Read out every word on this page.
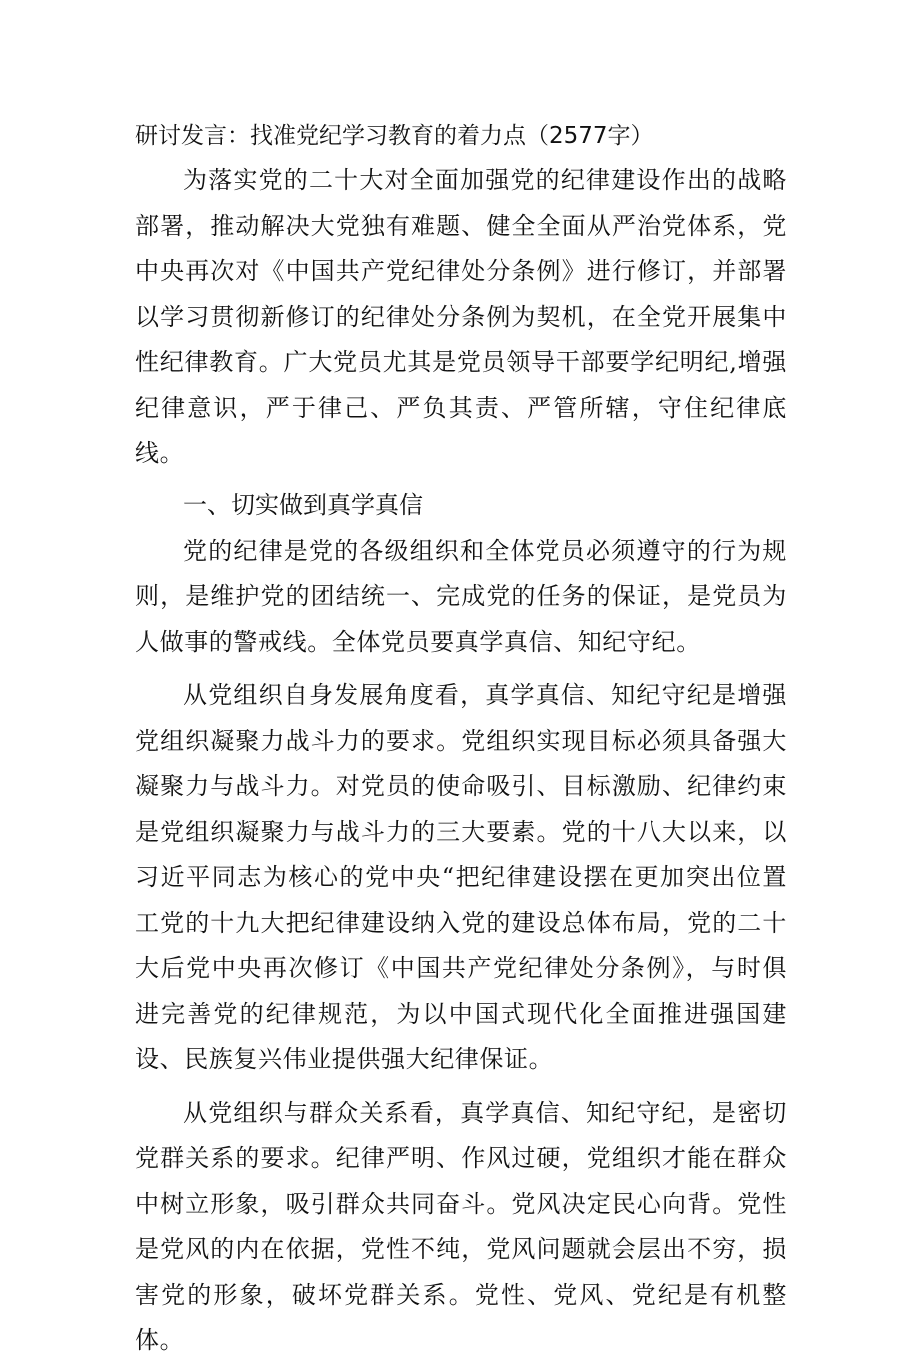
研讨发言：找准党纪学习教育的着力点（2577字）

为落实党的二十大对全面加强党的纪律建设作出的战略部署，推动解决大党独有难题、健全全面从严治党体系，党中央再次对《中国共产党纪律处分条例》进行修订，并部署以学习贯彻新修订的纪律处分条例为契机，在全党开展集中性纪律教育。广大党员尤其是党员领导干部要学纪明纪,增强纪律意识，严于律己、严负其责、严管所辖，守住纪律底线。

一、切实做到真学真信

党的纪律是党的各级组织和全体党员必须遵守的行为规则，是维护党的团结统一、完成党的任务的保证，是党员为人做事的警戒线。全体党员要真学真信、知纪守纪。

从党组织自身发展角度看，真学真信、知纪守纪是增强党组织凝聚力战斗力的要求。党组织实现目标必须具备强大凝聚力与战斗力。对党员的使命吸引、目标激励、纪律约束是党组织凝聚力与战斗力的三大要素。党的十八大以来，以习近平同志为核心的党中央“把纪律建设摆在更加突出位置工党的十九大把纪律建设纳入党的建设总体布局，党的二十大后党中央再次修订《中国共产党纪律处分条例》，与时俱进完善党的纪律规范，为以中国式现代化全面推进强国建设、民族复兴伟业提供强大纪律保证。

从党组织与群众关系看，真学真信、知纪守纪，是密切党群关系的要求。纪律严明、作风过硬，党组织才能在群众中树立形象，吸引群众共同奋斗。党风决定民心向背。党性是党风的内在依据，党性不纯，党风问题就会层出不穷，损害党的形象，破坏党群关系。党性、党风、党纪是有机整体。
